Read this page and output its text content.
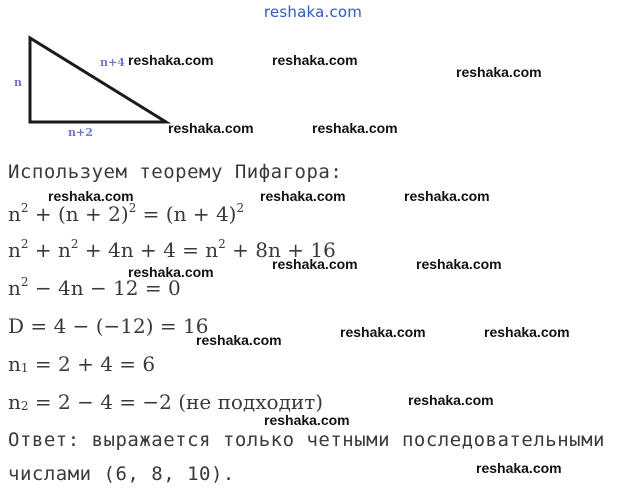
reshaka.com
n
n+4
n+2
reshaka.com	reshaka.com
reshaka.com
reshaka.com	reshaka.com
reshaka.com	reshaka.com	reshaka.com
reshaka.com	reshaka.com
reshaka.com
reshaka.com	reshaka.com
reshaka.com
reshaka.com
reshaka.com
reshaka.com
Используем теорему Пифагора:
$n^2 + (n + 2)^2 = (n + 4)^2$
$n^2 + n^2 + 4n + 4 = n^2 + 8n + 16$
$n^2 - 4n - 12 = 0$
D = 4 − (−12) = 16
$n_1 = 2 + 4 = 6$
$n_2 = 2 - 4 = -2$ (не подходит)
Ответ: выражается только четными последовательными
числами (6, 8, 10).
